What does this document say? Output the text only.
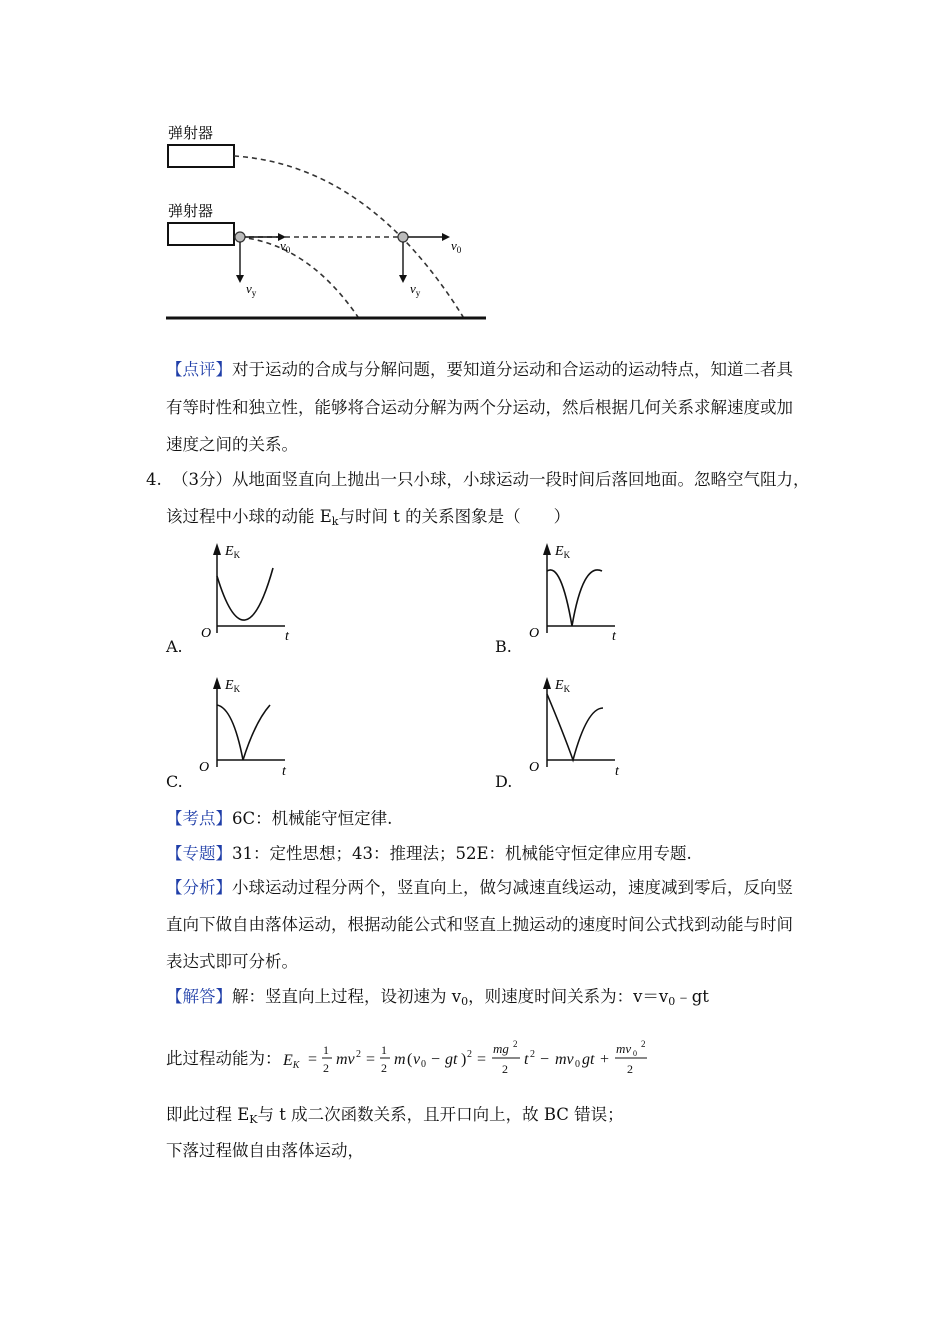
弹射器
弹射器
$v_0$
$v_y$
$v_0$
$v_y$
【点评】对于运动的合成与分解问题，要知道分运动和合运动的运动特点，知道二者具
有等时性和独立性，能够将合运动分解为两个分运动，然后根据几何关系求解速度或加
速度之间的关系。
4. （3分）从地面竖直向上抛出一只小球，小球运动一段时间后落回地面。忽略空气阻力，
该过程中小球的动能 $E_k$与时间 t 的关系图象是（　　）
$E_K$
O	t
A.
$E_K$
O	t
B.
$E_K$
O	t
C.
$E_K$
O	t
D.
【考点】6C：机械能守恒定律.
【专题】31：定性思想；43：推理法；52E：机械能守恒定律应用专题.
【分析】小球运动过程分两个，竖直向上，做匀减速直线运动，速度减到零后，反向竖
直向下做自由落体运动，根据动能公式和竖直上抛运动的速度时间公式找到动能与时间
表达式即可分析。
【解答】解：竖直向上过程，设初速为 $v_0$，则速度时间关系为：$v=v_0﹣gt$
此过程动能为： EK =
1
2 mv 2 =
1
2 m ( v 0 − gt ) 2 =
mg 2
2
t 2 − mv 0 gt +
mv 0
2
2
即此过程 $E_K$与 t 成二次函数关系，且开口向上，故 BC 错误；
下落过程做自由落体运动，
